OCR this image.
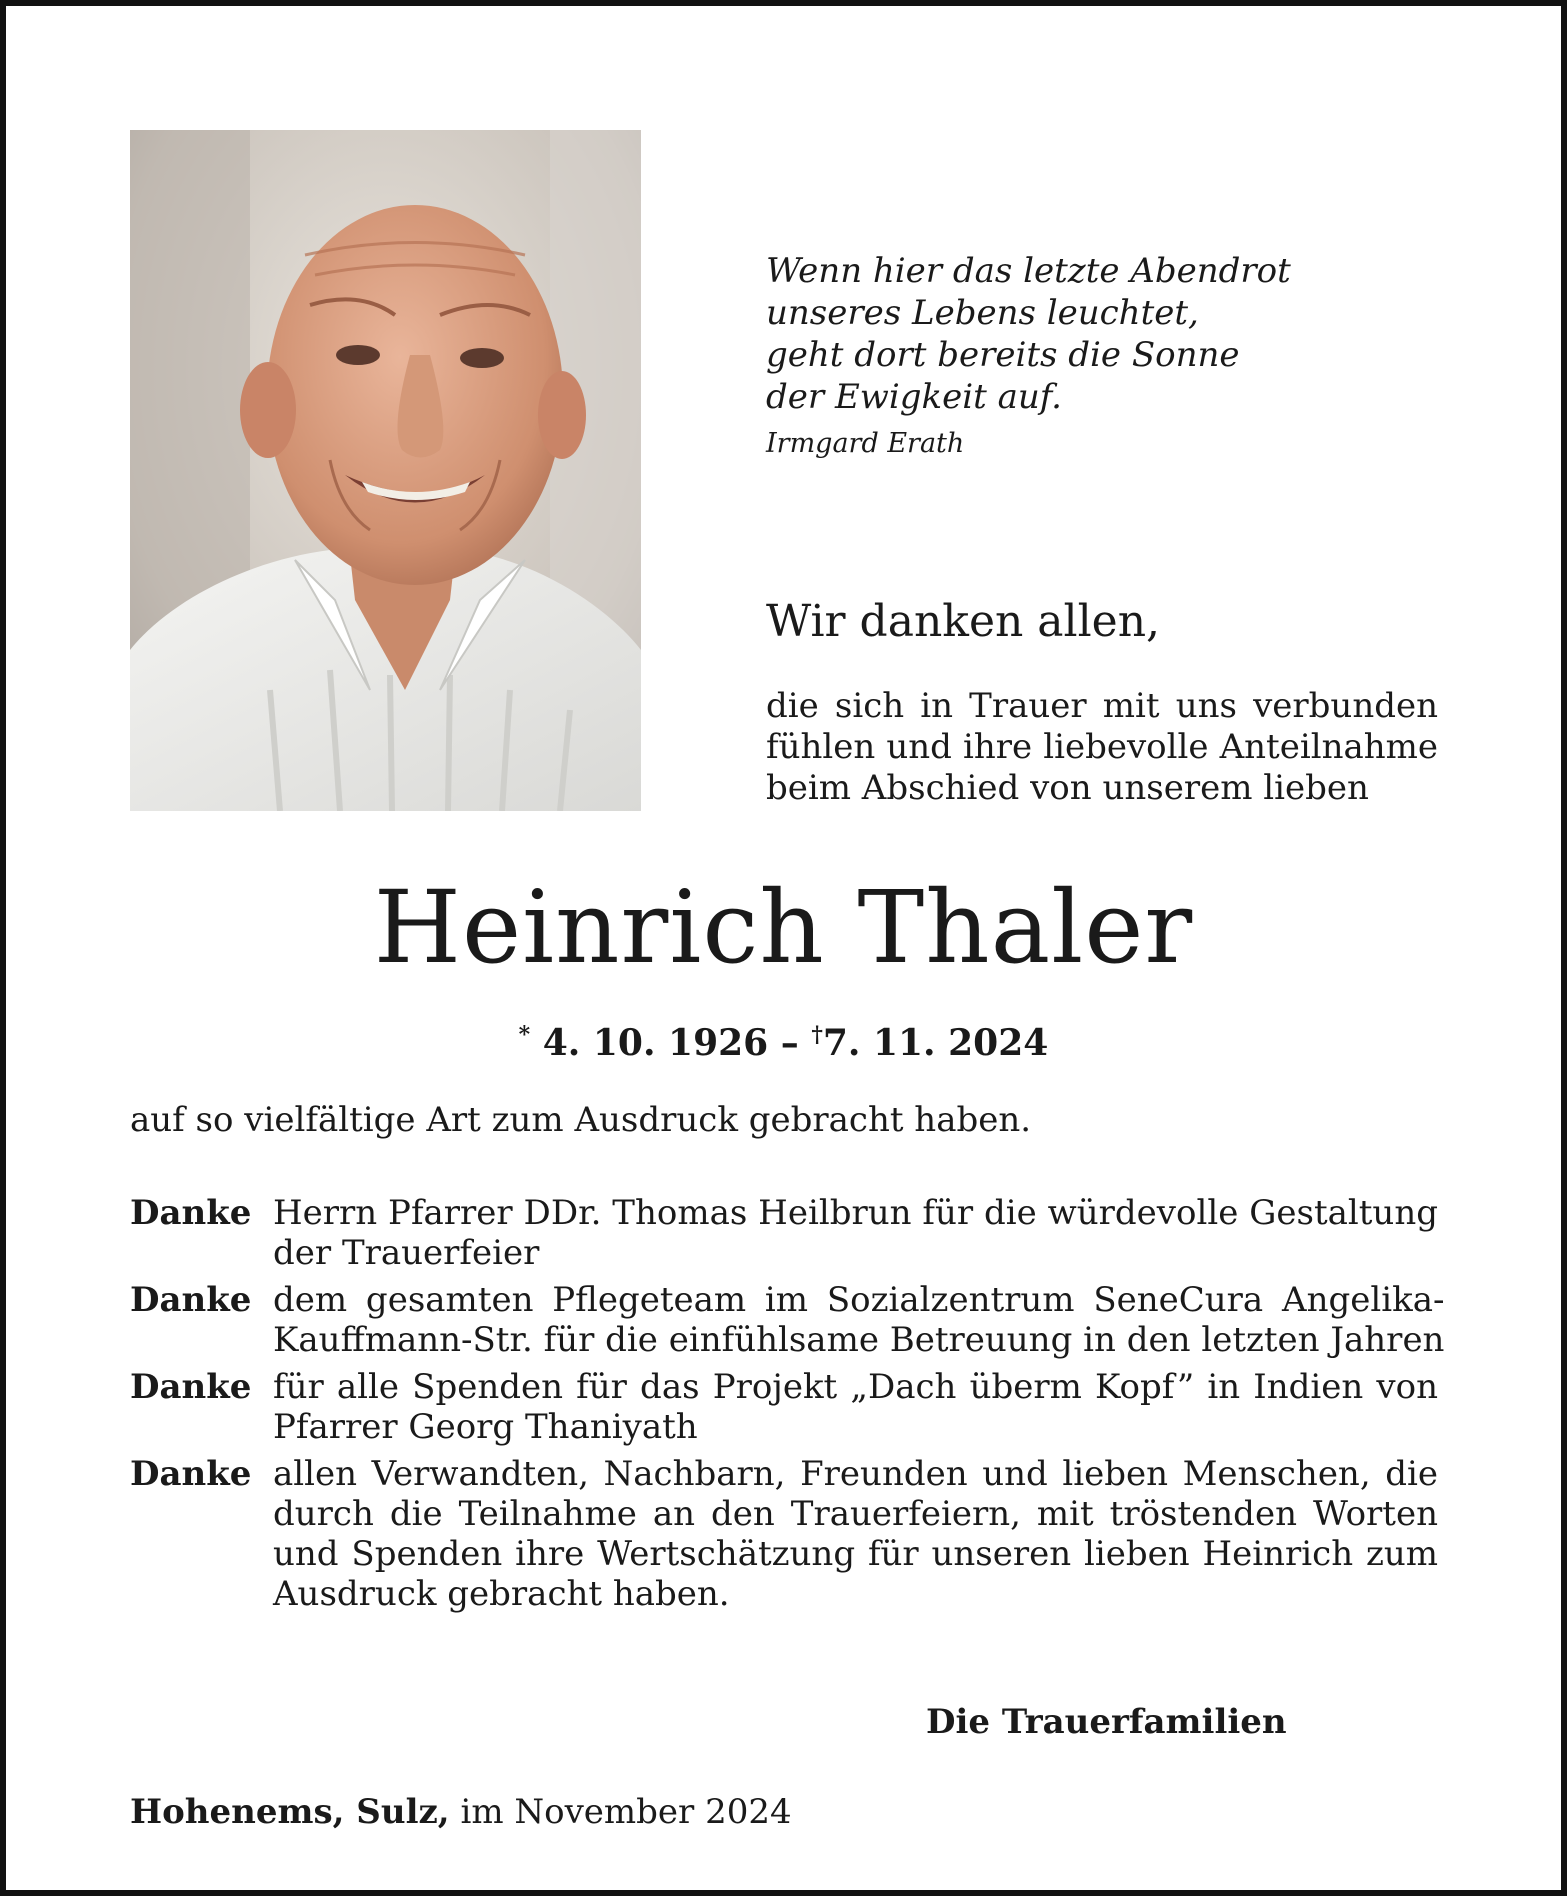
Wenn hier das letzte Abendrot
unseres Lebens leuchtet,
geht dort bereits die Sonne
der Ewigkeit auf.
Irmgard Erath
Wir danken allen,
die sich in Trauer mit uns verbunden
fühlen und ihre liebevolle Anteilnahme
beim Abschied von unserem lieben
Heinrich Thaler
* 4. 10. 1926 – †7. 11. 2024
auf so vielfältige Art zum Ausdruck gebracht haben.
Danke Herrn Pfarrer DDr. Thomas Heilbrun für die würdevolle Gestaltung
der Trauerfeier
Danke dem gesamten Pflegeteam im Sozialzentrum SeneCura Angelika-
Kauffmann-Str. für die einfühlsame Betreuung in den letzten Jahren
Danke für alle Spenden für das Projekt „Dach überm Kopf” in Indien von
Pfarrer Georg Thaniyath
Danke allen Verwandten, Nachbarn, Freunden und lieben Menschen, die
durch die Teilnahme an den Trauerfeiern, mit tröstenden Worten
und Spenden ihre Wertschätzung für unseren lieben Heinrich zum
Ausdruck gebracht haben.
Die Trauerfamilien
Hohenems, Sulz, im November 2024
